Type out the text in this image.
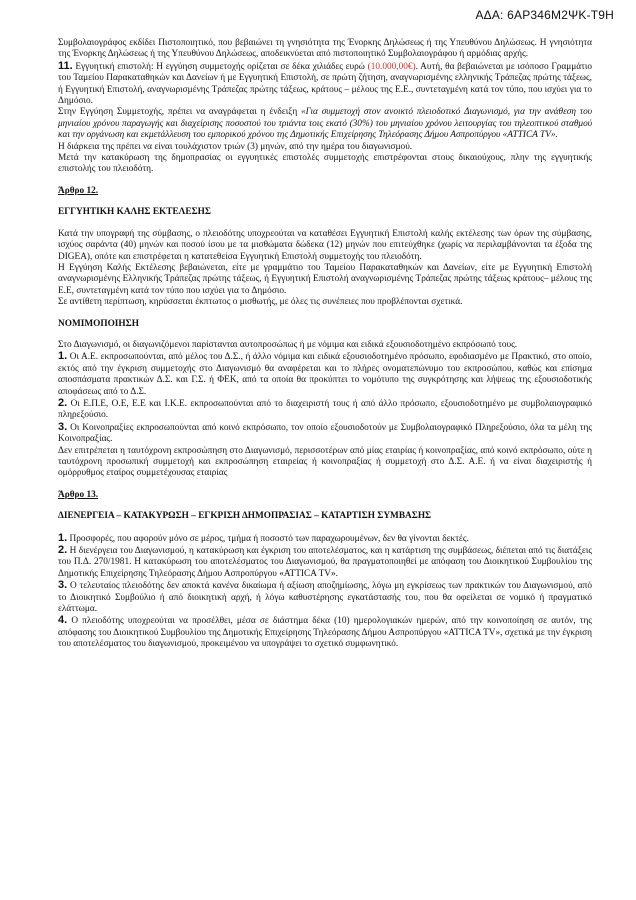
ΑΔΑ: 6ΑΡ346Μ2ΨΚ-Τ9Η

Συμβολαιογράφος εκδίδει Πιστοποιητικό, που βεβαιώνει τη γνησιότητα της Ένορκης Δηλώσεως ή της Υπευθύνου Δηλώσεως. Η γνησιότητα της Ένορκης Δηλώσεως ή της Υπευθύνου Δηλώσεως, αποδεικνύεται από πιστοποιητικό Συμβολαιογράφου ή αρμόδιας αρχής.

11. Εγγυητική επιστολή: Η εγγύηση συμμετοχής ορίζεται σε δέκα χιλιάδες ευρώ (10.000,00€). Αυτή, θα βεβαιώνεται με ισόποσο Γραμμάτιο του Ταμείου Παρακαταθηκών και Δανείων ή με Εγγυητική Επιστολή, σε πρώτη ζήτηση, αναγνωρισμένης ελληνικής Τράπεζας πρώτης τάξεως, ή Εγγυητική Επιστολή, αναγνωρισμένης Τράπεζας πρώτης τάξεως, κράτους – μέλους της Ε.Ε., συντεταγμένη κατά τον τύπο, που ισχύει για το Δημόσιο.

Στην Εγγύηση Συμμετοχής, πρέπει να αναγράφεται η ένδειξη «Για συμμετοχή στον ανοικτό πλειοδοτικό Διαγωνισμό, για την ανάθεση του μηνιαίου χρόνου παραγωγής και διαχείρισης ποσοστού του τριάντα τοις εκατό (30%) του μηνιαίου χρόνου λειτουργίας του τηλεοπτικού σταθμού και την οργάνωση και εκμετάλλευση του εμπορικού χρόνου της Δημοτικής Επιχείρησης Τηλεόρασης Δήμου Ασπροπύργου «ATTICA TV».

Η διάρκεια της πρέπει να είναι τουλάχιστον τριών (3) μηνών, από την ημέρα του διαγωνισμού.

Μετά την κατακύρωση της δημοπρασίας οι εγγυητικές επιστολές συμμετοχής επιστρέφονται στους δικαιούχους, πλην της εγγυητικής επιστολής του πλειοδότη.

Άρθρο 12.

ΕΓΓΥΗΤΙΚΗ ΚΑΛΗΣ ΕΚΤΕΛΕΣΗΣ

Κατά την υπογραφή της σύμβασης, ο πλειοδότης υποχρεούται να καταθέσει Εγγυητική Επιστολή καλής εκτέλεσης των όρων της σύμβασης, ισχύος σαράντα (40) μηνών και ποσού ίσου με τα μισθώματα δώδεκα (12) μηνών που επιτεύχθηκε (χωρίς να περιλαμβάνονται τα έξοδα της DIGEA), οπότε και επιστρέφεται η κατατεθείσα Εγγυητική Επιστολή συμμετοχής του πλειοδότη.

Η Εγγύηση Καλής Εκτέλεσης βεβαιώνεται, είτε με γραμμάτιο του Ταμείου Παρακαταθηκών και Δανείων, είτε με Εγγυητική Επιστολή αναγνωρισμένης Ελληνικής Τράπεζας πρώτης τάξεως, ή Εγγυητική Επιστολή αναγνωρισμένης Τράπεζας πρώτης τάξεως κράτους– μέλους της Ε.Ε, συντεταγμένη κατά τον τύπο που ισχύει για το Δημόσιο.

Σε αντίθετη περίπτωση, κηρύσσεται έκπτωτος ο μισθωτής, με όλες τις συνέπειες που προβλέπονται σχετικά.

ΝΟΜΙΜΟΠΟΙΗΣΗ

Στο Διαγωνισμό, οι διαγωνιζόμενοι παρίστανται αυτοπροσώπως ή με νόμιμα και ειδικά εξουσιοδοτημένο εκπρόσωπό τους.

1. Οι Α.Ε. εκπροσωπούνται, από μέλος του Δ.Σ., ή άλλο νόμιμα και ειδικά εξουσιοδοτημένο πρόσωπο, εφοδιασμένο με Πρακτικό, στο οποίο, εκτός από την έγκριση συμμετοχής στο Διαγωνισμό θα αναφέρεται και το πλήρες ονοματεπώνυμο του εκπροσώπου, καθώς και επίσημα αποσπάσματα πρακτικών Δ.Σ. και Γ.Σ. ή ΦΕΚ, από τα οποία θα προκύπτει το νομότυπο της συγκρότησης και λήψεως της εξουσιοδοτικής αποφάσεως από το Δ.Σ.

2. Οι Ε.Π.Ε, Ο.Ε, Ε.Ε και Ι.Κ.Ε. εκπροσωπούνται από το διαχειριστή τους ή από άλλο πρόσωπο, εξουσιοδοτημένο με συμβολαιογραφικό πληρεξούσιο.

3. Οι Κοινοπραξίες εκπροσωπούνται από κοινό εκπρόσωπο, τον οποίο εξουσιοδοτούν με Συμβολαιογραφικό Πληρεξούσιο, όλα τα μέλη της Κοινοπραξίας.

Δεν επιτρέπεται η ταυτόχρονη εκπροσώπηση στο Διαγωνισμό, περισσοτέρων από μίας εταιρίας ή κοινοπραξίας, από κοινό εκπρόσωπο, ούτε η ταυτόχρονη προσωπική συμμετοχή και εκπροσώπηση εταιρείας ή κοινοπραξίας ή συμμετοχή στο Δ.Σ. Α.Ε. ή να είναι διαχειριστής ή ομόρρυθμος εταίρος συμμετέχουσας εταιρίας

Άρθρο 13.

ΔΙΕΝΕΡΓΕΙΑ – ΚΑΤΑΚΥΡΩΣΗ – ΕΓΚΡΙΣΗ ΔΗΜΟΠΡΑΣΙΑΣ – ΚΑΤΑΡΤΙΣΗ ΣΥΜΒΑΣΗΣ

1. Προσφορές, που αφορούν μόνο σε μέρος, τμήμα ή ποσοστό των παραχωρουμένων, δεν θα γίνονται δεκτές.

2. Η διενέργεια του Διαγωνισμού, η κατακύρωση και έγκριση του αποτελέσματος, και η κατάρτιση της συμβάσεως, διέπεται από τις διατάξεις του Π.Δ. 270/1981. Η κατακύρωση του αποτελέσματος του Διαγωνισμού, θα πραγματοποιηθεί με απόφαση του Διοικητικού Συμβουλίου της Δημοτικής Επιχείρησης Τηλεόρασης Δήμου Ασπροπύργου «ATTICA TV».

3. Ο τελευταίος πλειοδότης δεν αποκτά κανένα δικαίωμα ή αξίωση αποζημίωσης, λόγω μη εγκρίσεως των πρακτικών του Διαγωνισμού, από το Διοικητικό Συμβούλιο ή από διοικητική αρχή, ή λόγω καθυστέρησης εγκατάστασής του, που θα οφείλεται σε νομικό ή πραγματικό ελάττωμα.

4. Ο πλειοδότης υποχρεούται να προσέλθει, μέσα σε διάστημα δέκα (10) ημερολογιακών ημερών, από την κοινοποίηση σε αυτόν, της απόφασης του Διοικητικού Συμβουλίου της Δημοτικής Επιχείρησης Τηλεόρασης Δήμου Ασπροπύργου «ATTICA TV», σχετικά με την έγκριση του αποτελέσματος του διαγωνισμού, προκειμένου να υπογράψει το σχετικό συμφωνητικό.
